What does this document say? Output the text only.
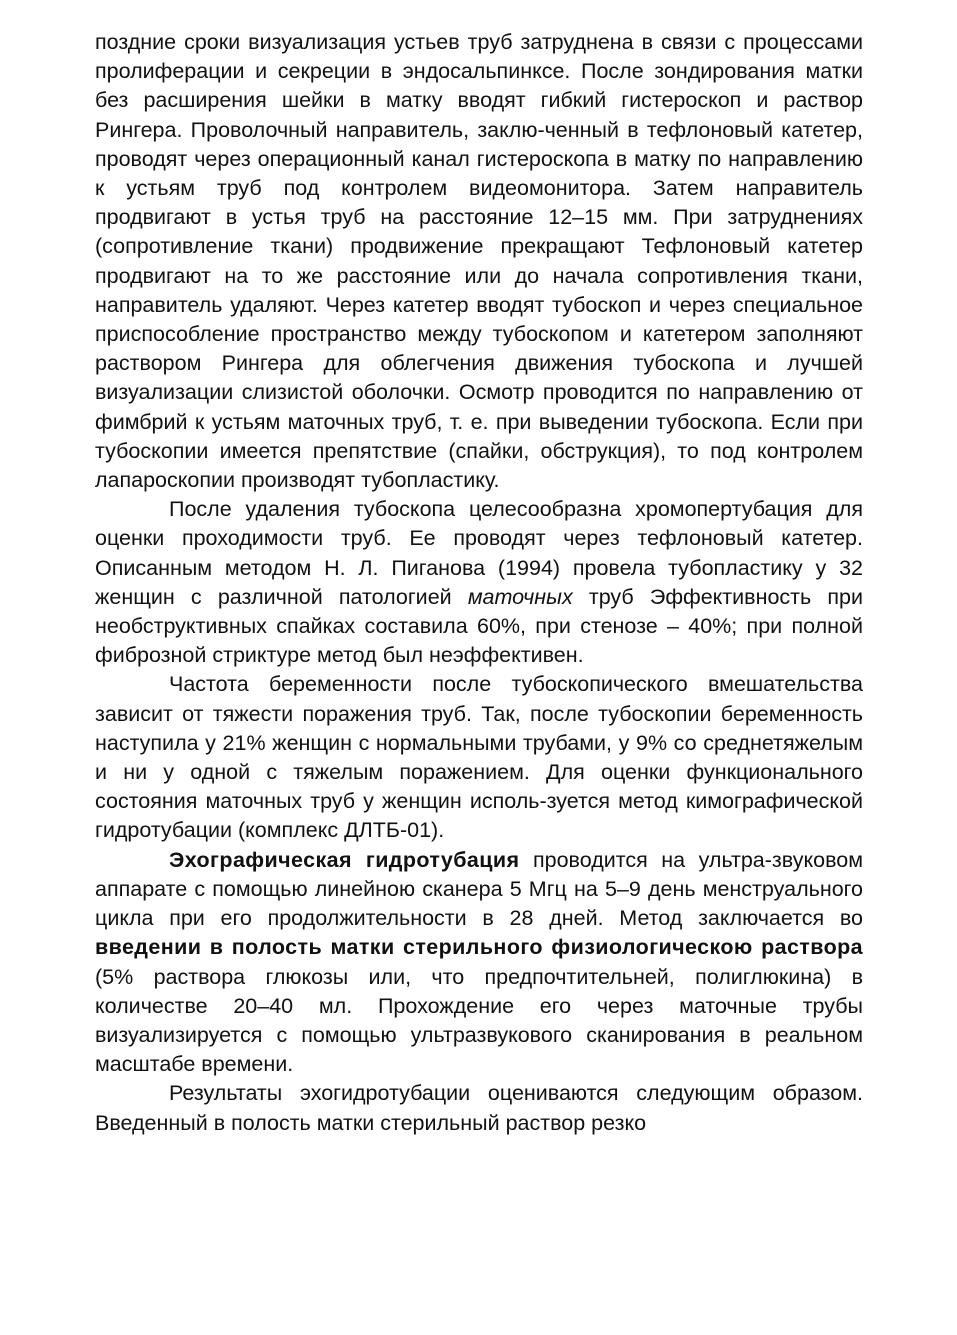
поздние сроки визуализация устьев труб затруднена в связи с процессами пролиферации и секреции в эндосальпинксе. После зондирования матки без расширения шейки в матку вводят гибкий гистероскоп и раствор Рингера. Проволочный направитель, заклю-ченный в тефлоновый катетер, проводят через операционный канал гистероскопа в матку по направлению к устьям труб под контролем видеомонитора. Затем направитель продвигают в устья труб на расстояние 12–15 мм. При затруднениях (сопротивление ткани) продвижение прекращают Тефлоновый катетер продвигают на то же расстояние или до начала сопротивления ткани, направитель удаляют. Через катетер вводят тубоскоп и через специальное приспособление пространство между тубоскопом и катетером заполняют раствором Рингера для облегчения движения тубоскопа и лучшей визуализации слизистой оболочки. Осмотр проводится по направлению от фимбрий к устьям маточных труб, т. е. при выведении тубоскопа. Если при тубоскопии имеется препятствие (спайки, обструкция), то под контролем лапароскопии производят тубопластику.

После удаления тубоскопа целесообразна хромопертубация для оценки проходимости труб. Ее проводят через тефлоновый катетер. Описанным методом Н. Л. Пиганова (1994) провела тубопластику у 32 женщин с различной патологией маточных труб Эффективность при необструктивных спайках составила 60%, при стенозе – 40%; при полной фиброзной стриктуре метод был неэффективен.

Частота беременности после тубоскопического вмешательства зависит от тяжести поражения труб. Так, после тубоскопии беременность наступила у 21% женщин с нормальными трубами, у 9% со среднетяжелым и ни у одной с тяжелым поражением. Для оценки функционального состояния маточных труб у женщин исполь-зуется метод кимографической гидротубации (комплекс ДЛТБ-01).

Эхографическая гидротубация проводится на ультра-звуковом аппарате с помощью линейною сканера 5 Мгц на 5–9 день менструального цикла при его продолжительности в 28 дней. Метод заключается во введении в полость матки стерильного физиологическою раствора (5% раствора глюкозы или, что предпочтительней, полиглюкина) в количестве 20–40 мл. Прохождение его через маточные трубы визуализируется с помощью ультразвукового сканирования в реальном масштабе времени.

Результаты эхогидротубации оцениваются следующим образом. Введенный в полость матки стерильный раствор резко
